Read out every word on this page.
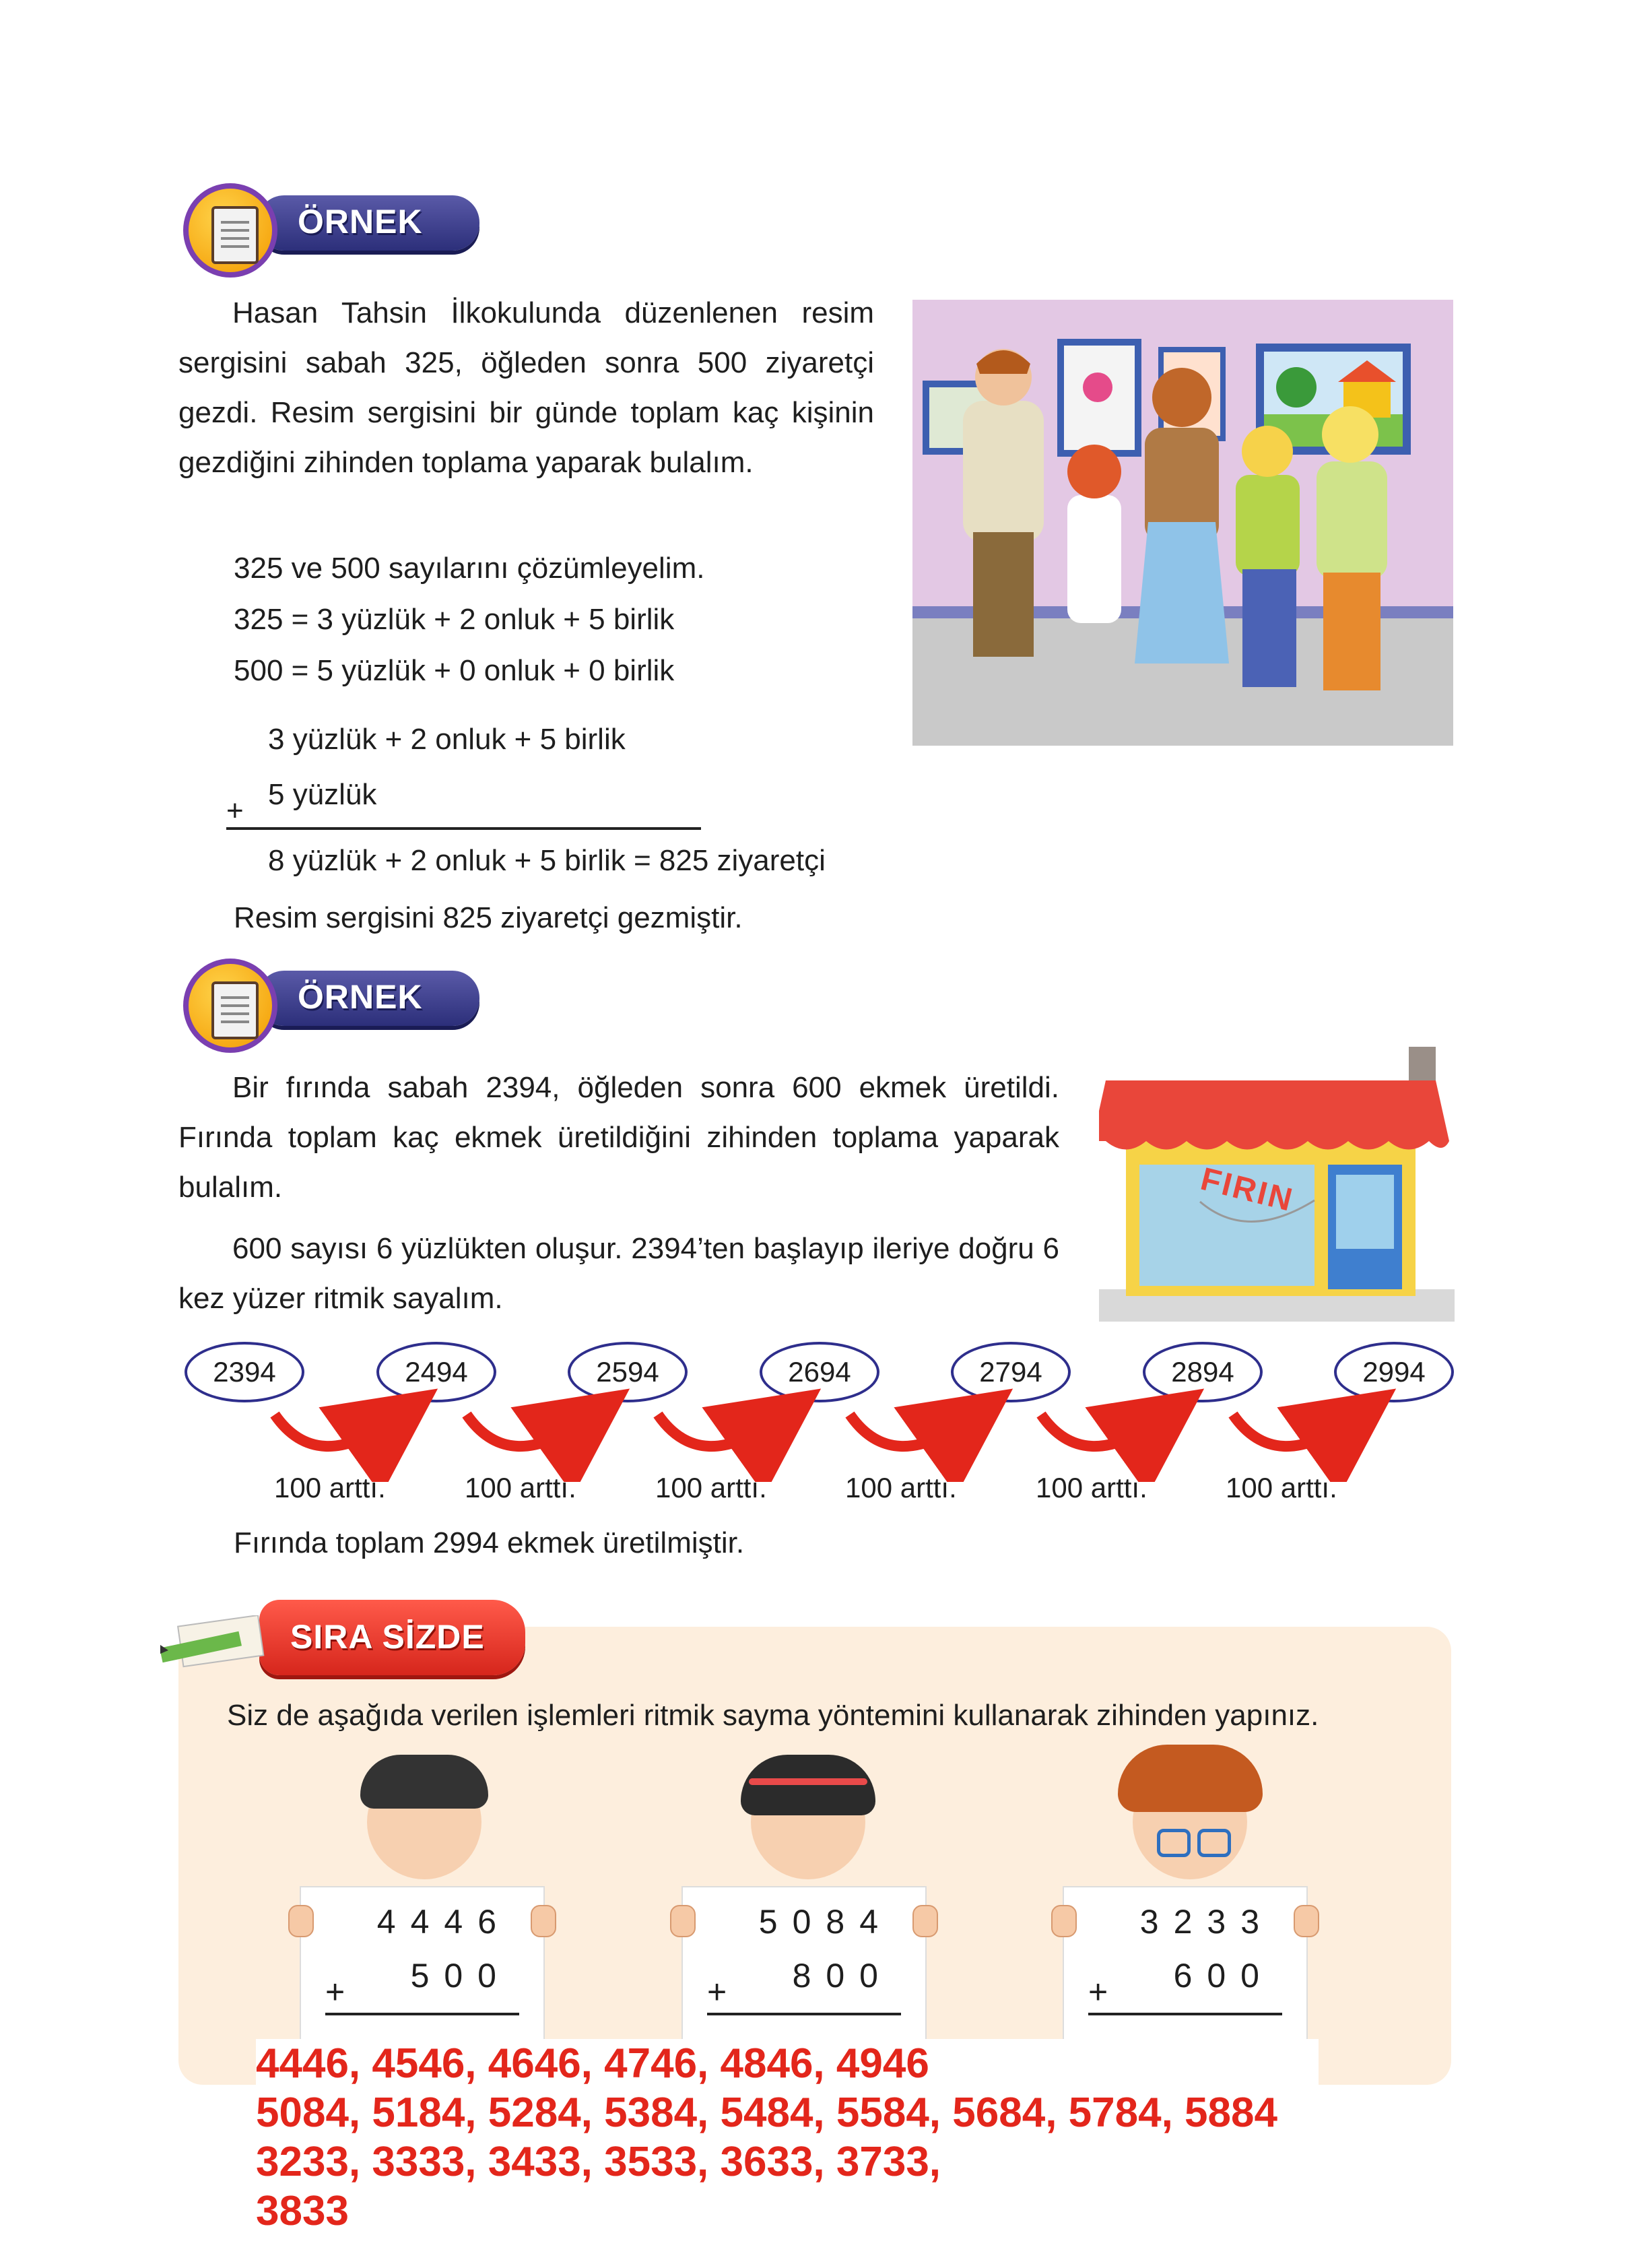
ÖRNEK
Hasan Tahsin İlkokulunda düzenlenen resim sergisini sabah 325, öğleden sonra 500 ziyaretçi gezdi. Resim sergisini bir günde toplam kaç kişinin gezdiğini zihinden toplama yaparak bulalım.
325 ve 500 sayılarını çözümleyelim.
325 = 3 yüzlük + 2 onluk + 5 birlik
500 = 5 yüzlük + 0 onluk + 0 birlik
3 yüzlük + 2 onluk + 5 birlik
5 yüzlük
+
8 yüzlük + 2 onluk + 5 birlik = 825 ziyaretçi
Resim sergisini 825 ziyaretçi gezmiştir.
ÖRNEK
Bir fırında sabah 2394, öğleden sonra 600 ekmek üretildi. Fırında toplam kaç ekmek üretildiğini zihinden toplama yaparak bulalım.
600 sayısı 6 yüzlükten oluşur. 2394’ten başlayıp ileriye doğru 6 kez yüzer ritmik sayalım.
FIRIN
2394	2494	2594	2694	2794	2894	2994
100 arttı.	100 arttı.	100 arttı.	100 arttı.	100 arttı.	100 arttı.
Fırında toplam 2994 ekmek üretilmiştir.
SIRA SİZDE
Siz de aşağıda verilen işlemleri ritmik sayma yöntemini kullanarak zihinden yapınız.
4446
500
+
5084
800
+
3233
600
+
4446, 4546, 4646, 4746, 4846, 4946
5084, 5184, 5284, 5384, 5484, 5584, 5684, 5784, 5884
3233, 3333, 3433, 3533, 3633, 3733,
3833
